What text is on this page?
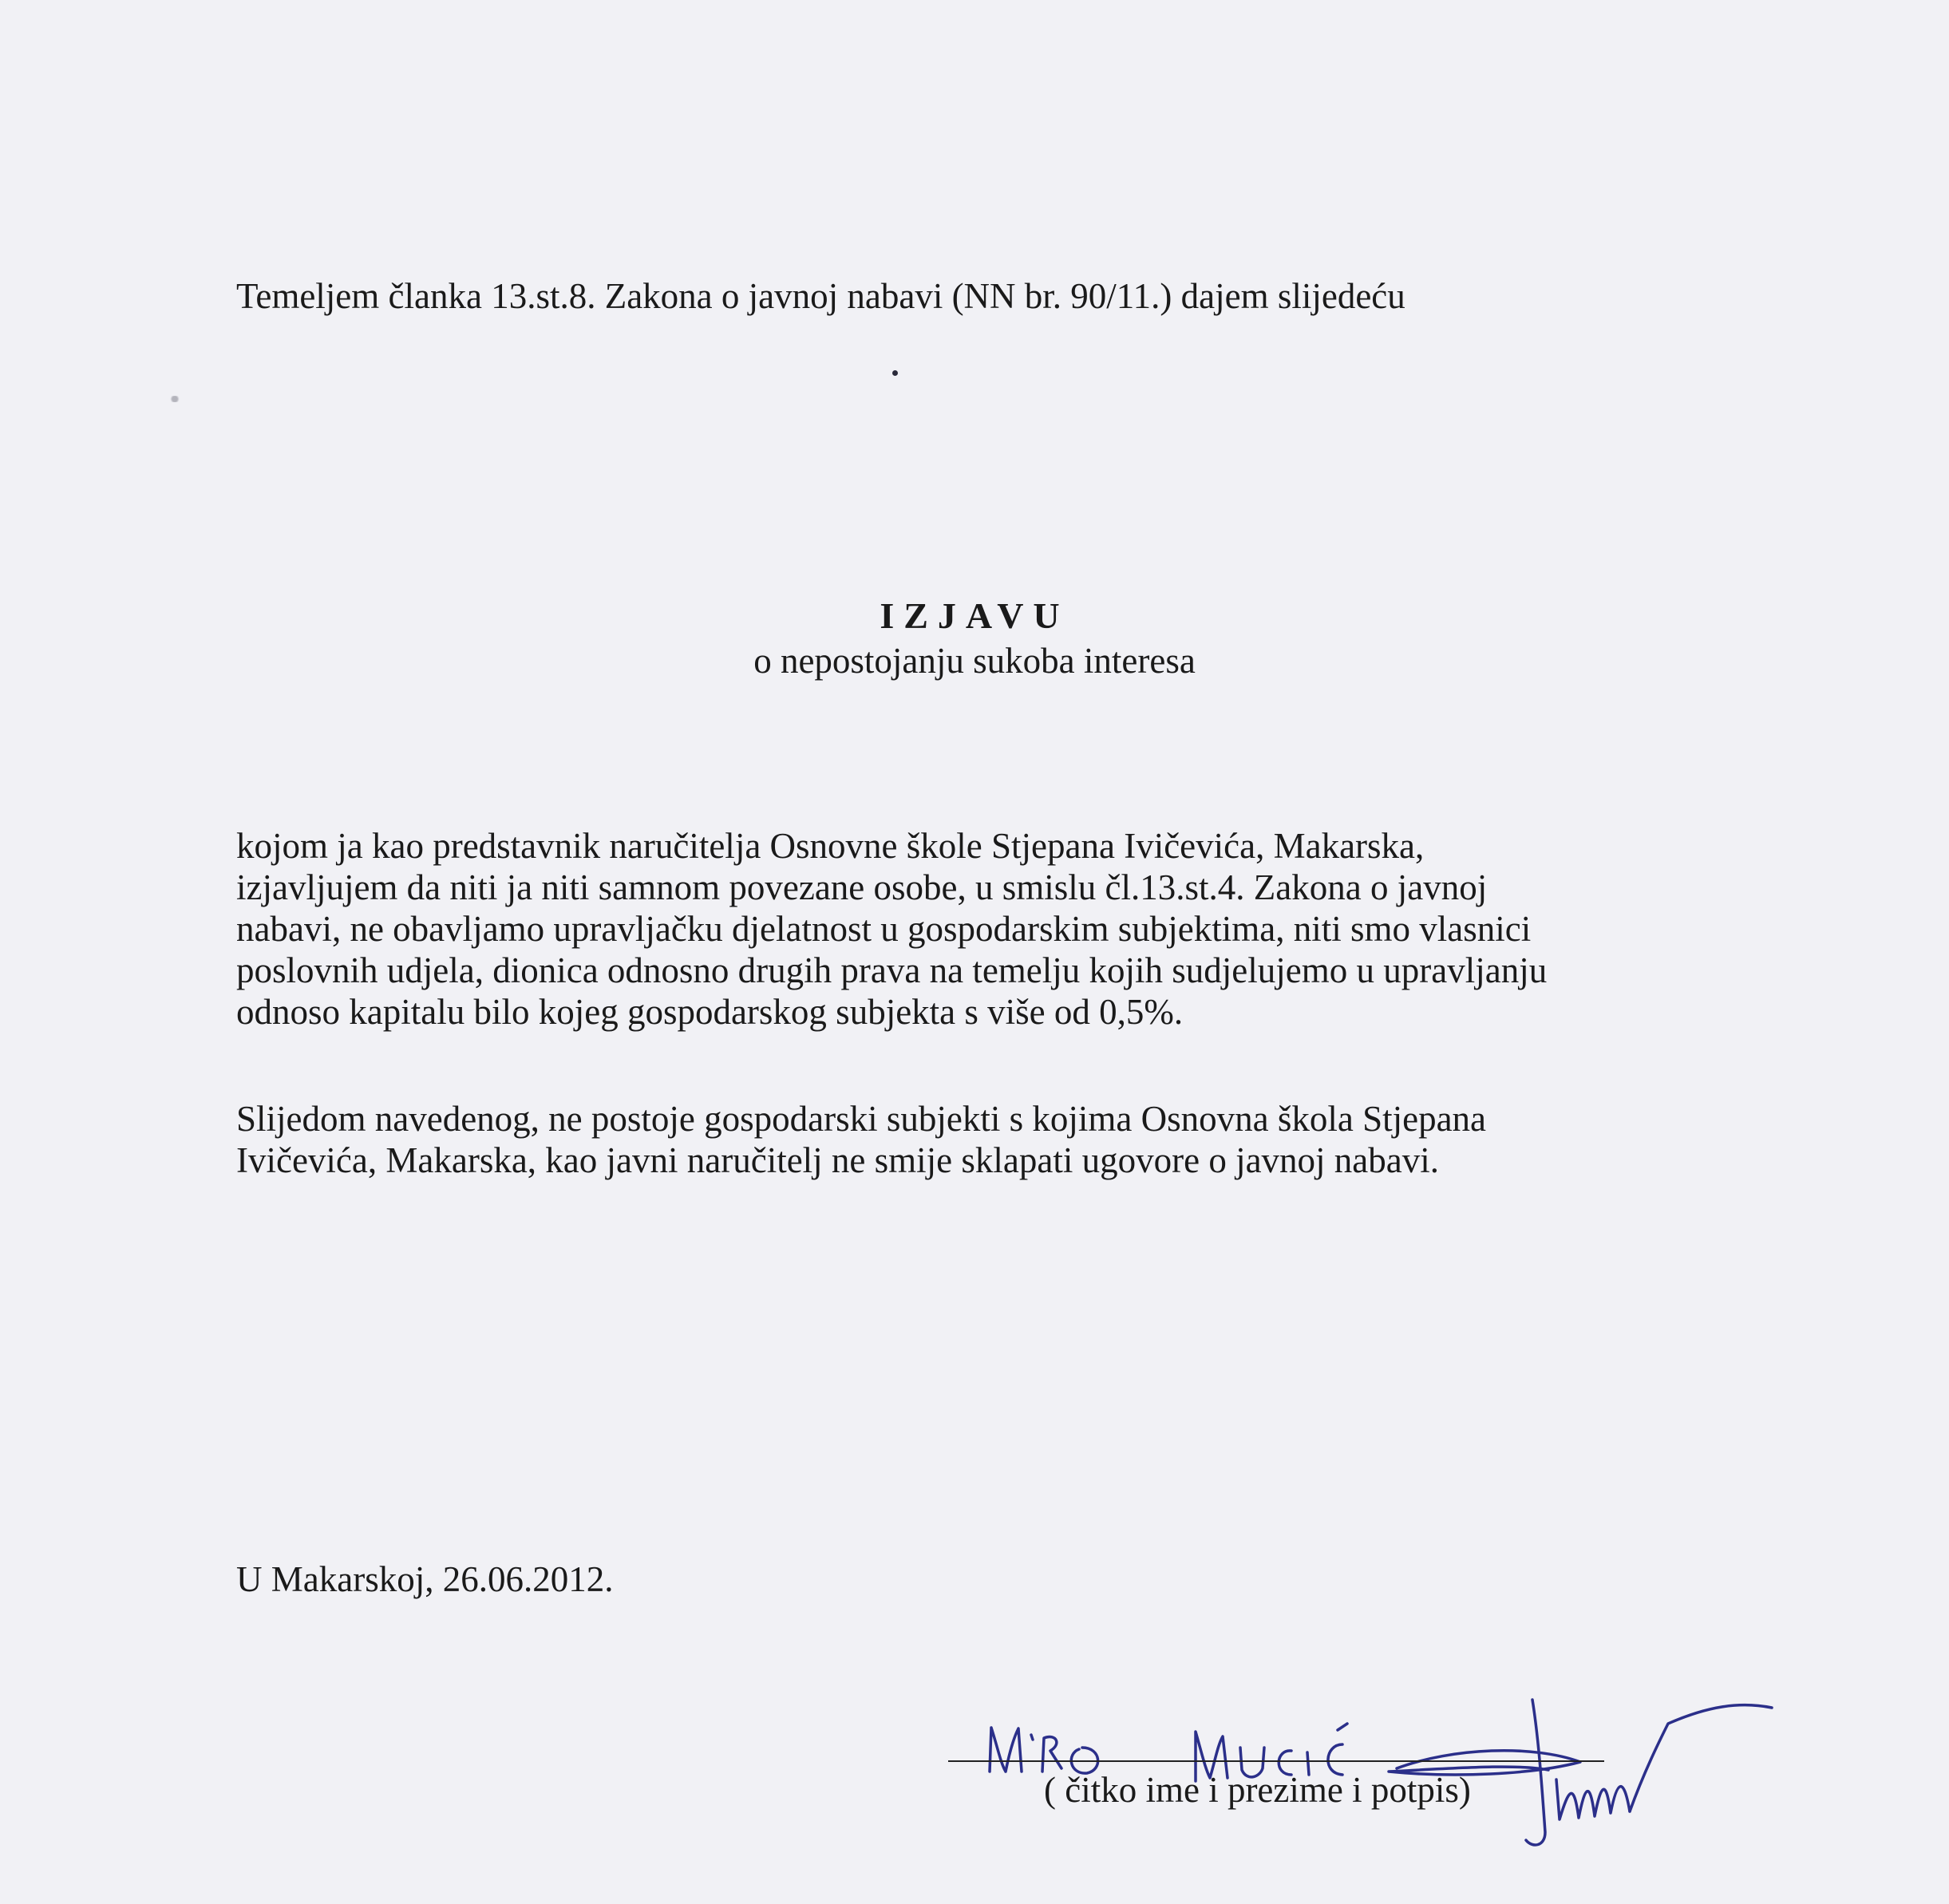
Temeljem članka 13.st.8. Zakona o javnoj nabavi (NN br. 90/11.) dajem slijedeću
IZJAVU
o nepostojanju sukoba interesa
kojom ja kao predstavnik naručitelja Osnovne škole Stjepana Ivičevića, Makarska,
izjavljujem da niti ja niti samnom povezane osobe, u smislu čl.13.st.4. Zakona o javnoj
nabavi, ne obavljamo upravljačku djelatnost u gospodarskim subjektima, niti smo vlasnici
poslovnih udjela, dionica odnosno drugih prava na temelju kojih sudjelujemo u upravljanju
odnoso kapitalu bilo kojeg gospodarskog subjekta s više od 0,5%.
Slijedom navedenog, ne postoje gospodarski subjekti s kojima Osnovna škola Stjepana
Ivičevića, Makarska, kao javni naručitelj ne smije sklapati ugovore o javnoj nabavi.
U Makarskoj, 26.06.2012.
( čitko ime i prezime i potpis)
